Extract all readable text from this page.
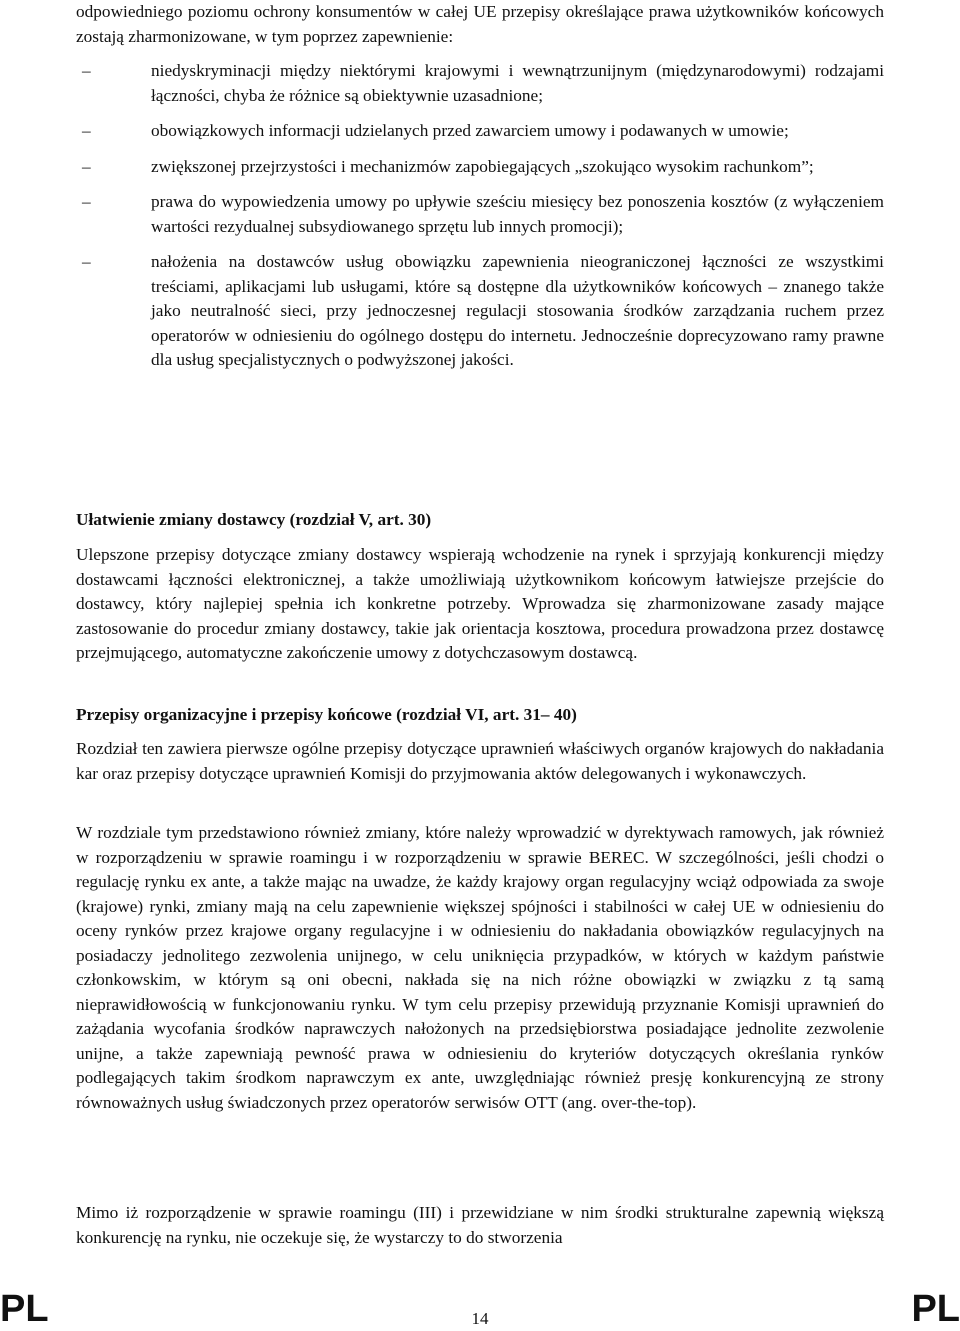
odpowiedniego poziomu ochrony konsumentów w całej UE przepisy określające prawa użytkowników końcowych zostają zharmonizowane, w tym poprzez zapewnienie:

–	niedyskryminacji między niektórymi krajowymi i wewnątrzunijnym (międzynarodowymi) rodzajami łączności, chyba że różnice są obiektywnie uzasadnione;
–	obowiązkowych informacji udzielanych przed zawarciem umowy i podawanych w umowie;
–	zwiększonej przejrzystości i mechanizmów zapobiegających „szokująco wysokim rachunkom”;
–	prawa do wypowiedzenia umowy po upływie sześciu miesięcy bez ponoszenia kosztów (z wyłączeniem wartości rezydualnej subsydiowanego sprzętu lub innych promocji);
–	nałożenia na dostawców usług obowiązku zapewnienia nieograniczonej łączności ze wszystkimi treściami, aplikacjami lub usługami, które są dostępne dla użytkowników końcowych – znanego także jako neutralność sieci, przy jednoczesnej regulacji stosowania środków zarządzania ruchem przez operatorów w odniesieniu do ogólnego dostępu do internetu. Jednocześnie doprecyzowano ramy prawne dla usług specjalistycznych o podwyższonej jakości.
Ułatwienie zmiany dostawcy (rozdział V, art. 30)

Ulepszone przepisy dotyczące zmiany dostawcy wspierają wchodzenie na rynek i sprzyjają konkurencji między dostawcami łączności elektronicznej, a także umożliwiają użytkownikom końcowym łatwiejsze przejście do dostawcy, który najlepiej spełnia ich konkretne potrzeby. Wprowadza się zharmonizowane zasady mające zastosowanie do procedur zmiany dostawcy, takie jak orientacja kosztowa, procedura prowadzona przez dostawcę przejmującego, automatyczne zakończenie umowy z dotychczasowym dostawcą.

Przepisy organizacyjne i przepisy końcowe (rozdział VI, art. 31– 40)

Rozdział ten zawiera pierwsze ogólne przepisy dotyczące uprawnień właściwych organów krajowych do nakładania kar oraz przepisy dotyczące uprawnień Komisji do przyjmowania aktów delegowanych i wykonawczych.

W rozdziale tym przedstawiono również zmiany, które należy wprowadzić w dyrektywach ramowych, jak również w rozporządzeniu w sprawie roamingu i w rozporządzeniu w sprawie BEREC. W szczególności, jeśli chodzi o regulację rynku ex ante, a także mając na uwadze, że każdy krajowy organ regulacyjny wciąż odpowiada za swoje (krajowe) rynki, zmiany mają na celu zapewnienie większej spójności i stabilności w całej UE w odniesieniu do oceny rynków przez krajowe organy regulacyjne i w odniesieniu do nakładania obowiązków regulacyjnych na posiadaczy jednolitego zezwolenia unijnego, w celu uniknięcia przypadków, w których w każdym państwie członkowskim, w którym są oni obecni, nakłada się na nich różne obowiązki w związku z tą samą nieprawidłowością w funkcjonowaniu rynku. W tym celu przepisy przewidują przyznanie Komisji uprawnień do zażądania wycofania środków naprawczych nałożonych na przedsiębiorstwa posiadające jednolite zezwolenie unijne, a także zapewniają pewność prawa w odniesieniu do kryteriów dotyczących określania rynków podlegających takim środkom naprawczym ex ante, uwzględniając również presję konkurencyjną ze strony równoważnych usług świadczonych przez operatorów serwisów OTT (ang. over-the-top).

Mimo iż rozporządzenie w sprawie roamingu (III) i przewidziane w nim środki strukturalne zapewnią większą konkurencję na rynku, nie oczekuje się, że wystarczy to do stworzenia

PL	14	PL
